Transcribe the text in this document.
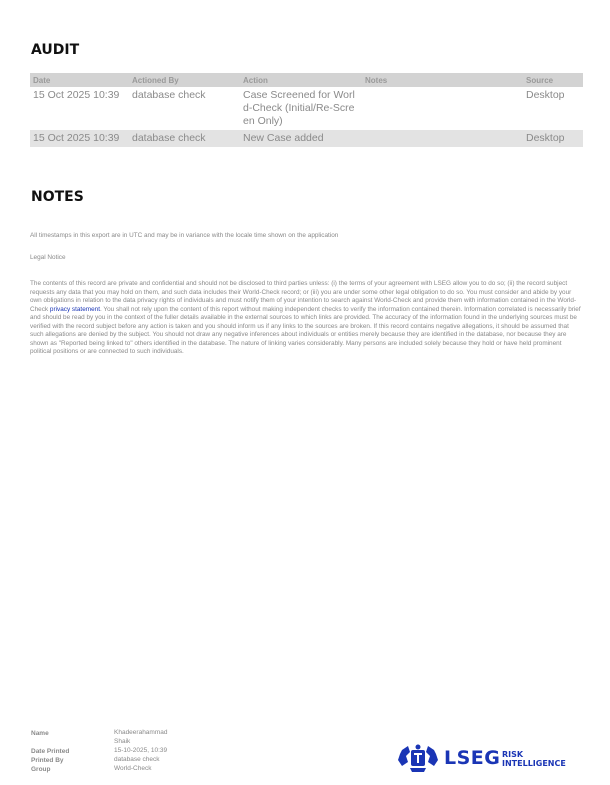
AUDIT
Date	Actioned By	Action	Notes	Source
15 Oct 2025 10:39	database check	Case Screened for World-Check (Initial/Re-Screen Only)		Desktop
15 Oct 2025 10:39	database check	New Case added		Desktop
NOTES
All timestamps in this export are in UTC and may be in variance with the locale time shown on the application
Legal Notice
The contents of this record are private and confidential and should not be disclosed to third parties unless: (i) the terms of your agreement with LSEG allow you to do so; (ii) the record subject requests any data that you may hold on them, and such data includes their World-Check record; or (iii) you are under some other legal obligation to do so. You must consider and abide by your own obligations in relation to the data privacy rights of individuals and must notify them of your intention to search against World-Check and provide them with information contained in the World-Check privacy statement. You shall not rely upon the content of this report without making independent checks to verify the information contained therein. Information correlated is necessarily brief and should be read by you in the context of the fuller details available in the external sources to which links are provided. The accuracy of the information found in the underlying sources must be verified with the record subject before any action is taken and you should inform us if any links to the sources are broken. If this record contains negative allegations, it should be assumed that such allegations are denied by the subject. You should not draw any negative inferences about individuals or entities merely because they are identified in the database, nor because they are shown as "Reported being linked to" others identified in the database. The nature of linking varies considerably. Many persons are included solely because they hold or have held prominent political positions or are connected to such individuals.
Name	Khadeerahammad
Shaik
Date Printed	15-10-2025, 10:39
Printed By	database check
Group	World-Check	LSEG RISK
INTELLIGENCE
